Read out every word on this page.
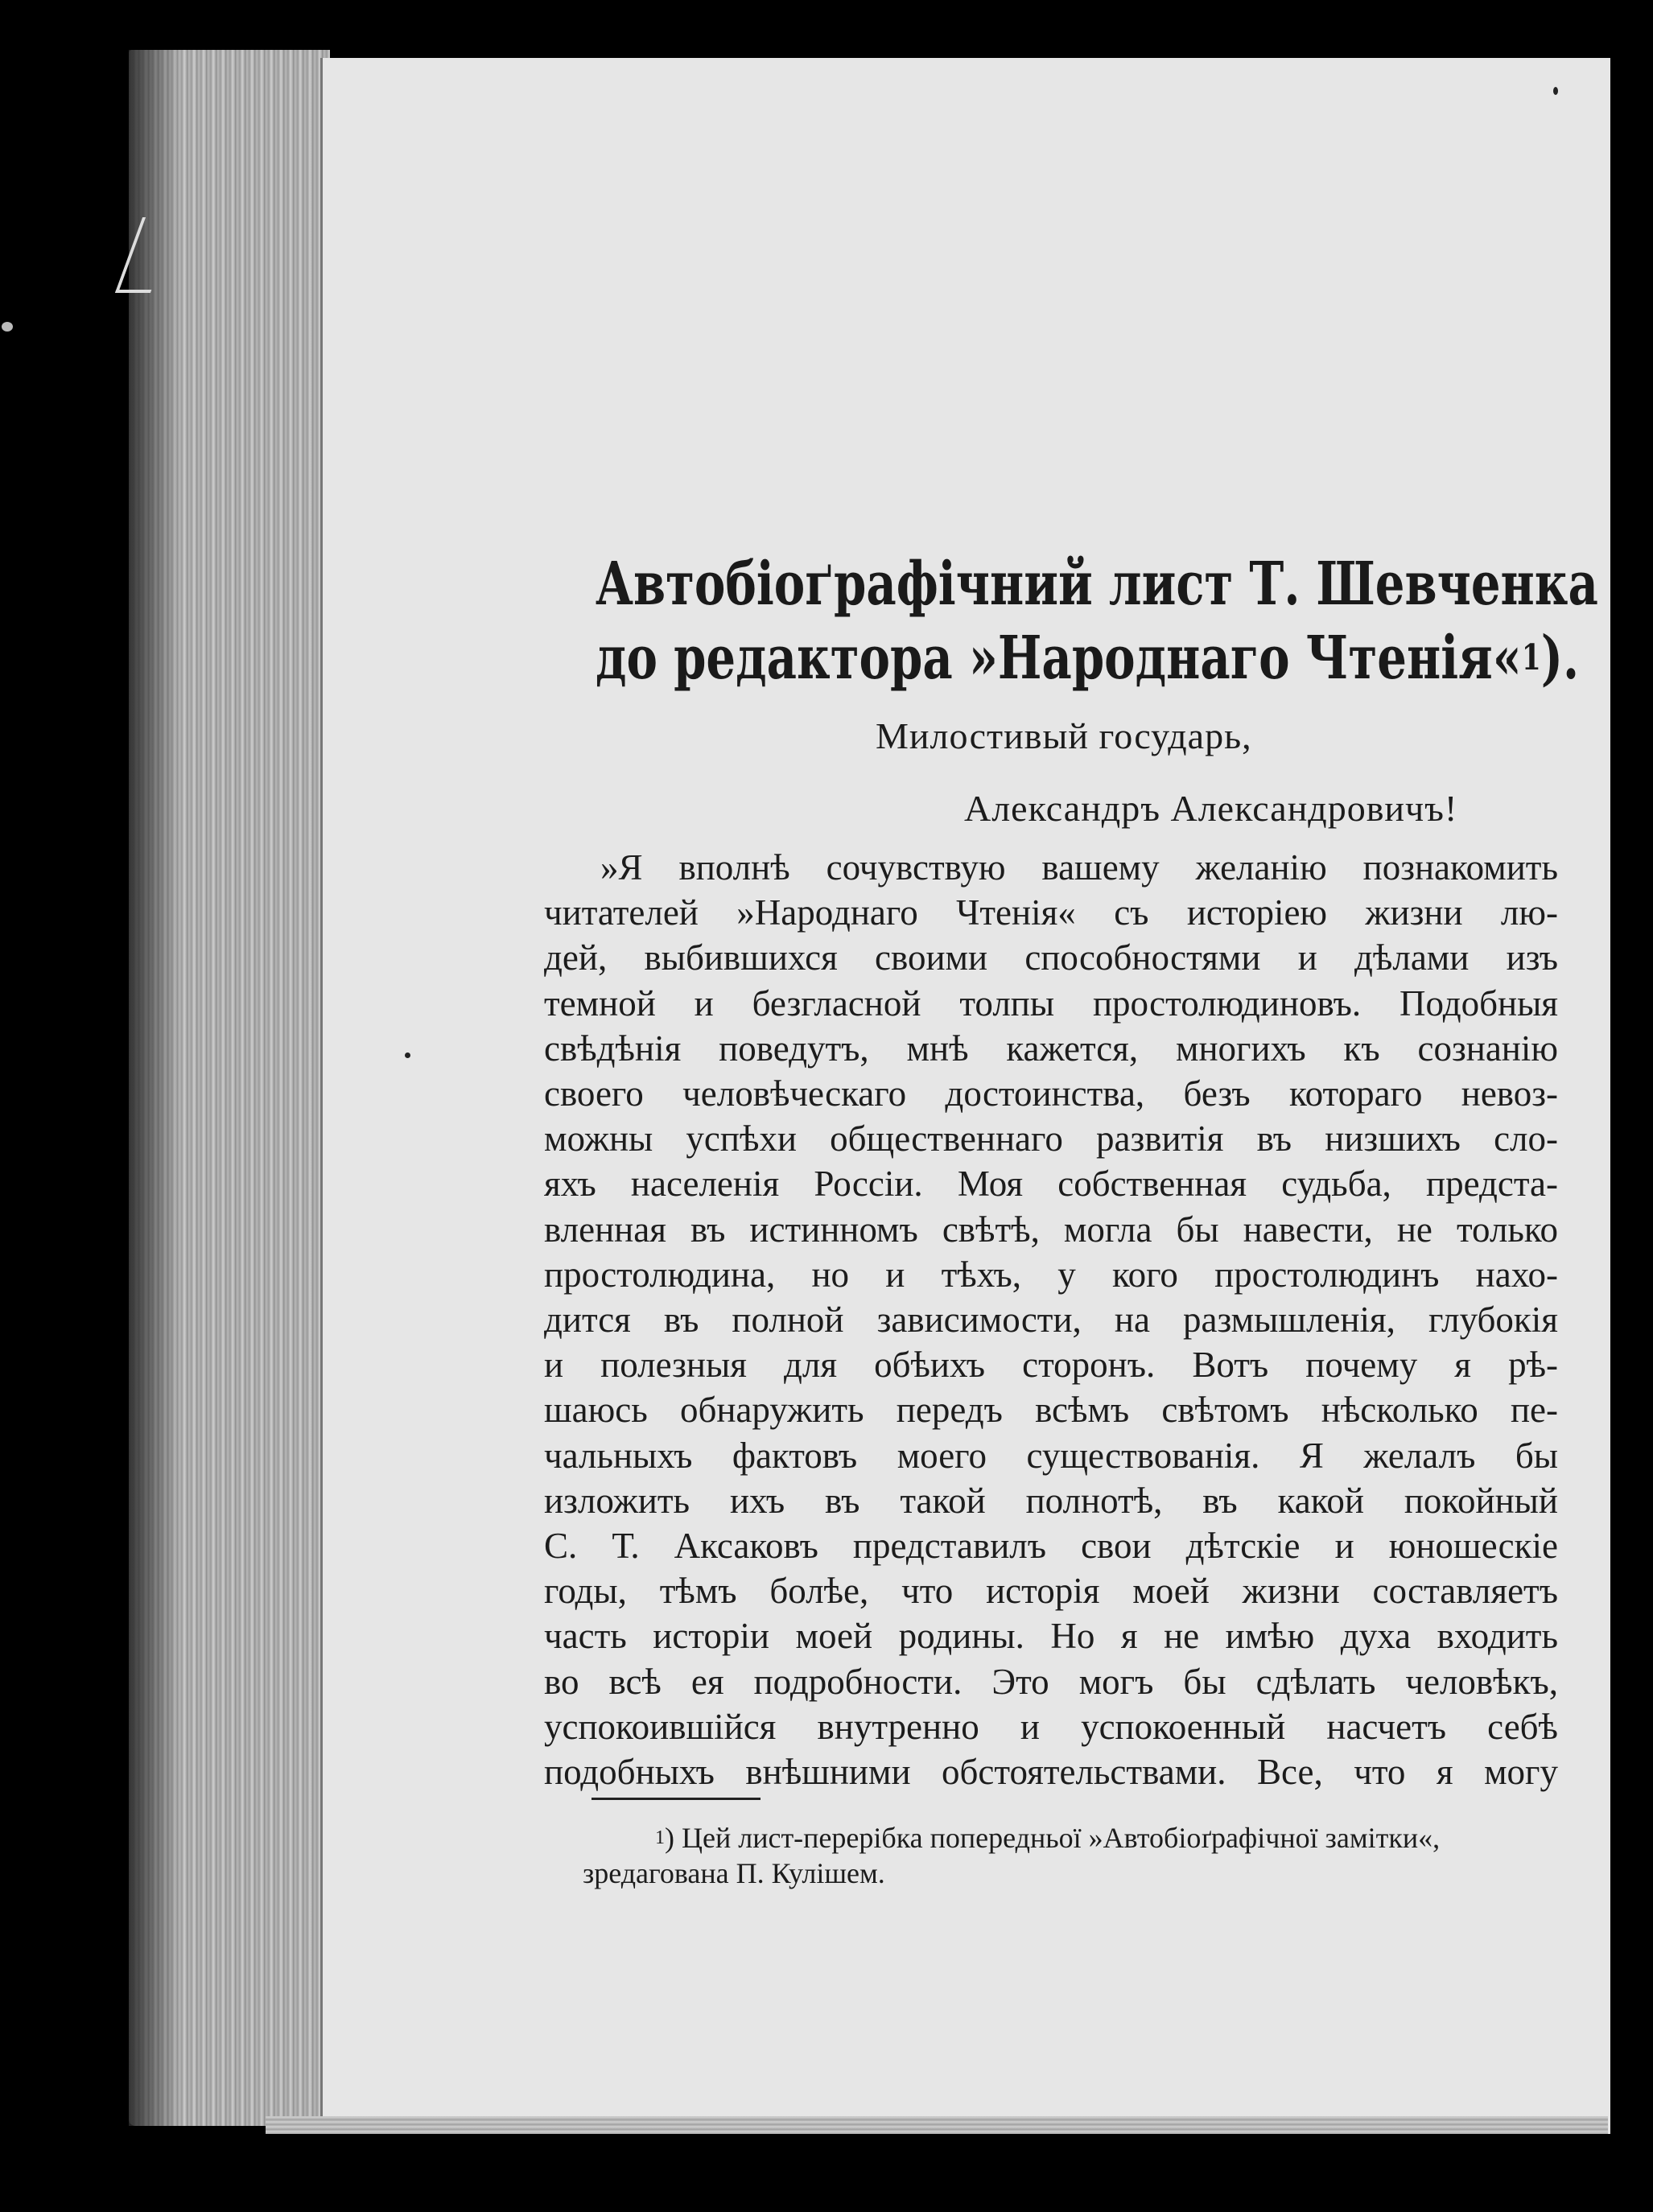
Автобіоґрафічний лист Т. Шевченка
до редактора »Народнаго Чтенія«$^1$).
Милостивый государь,
Александръ Александровичъ!
»Я вполнѣ сочувствую вашему желанію познакомить
читателей »Народнаго Чтенія« съ исторіею жизни лю-
дей, выбившихся своими способностями и дѣлами изъ
темной и безгласной толпы простолюдиновъ. Подобныя
свѣдѣнія поведутъ, мнѣ кажется, многихъ къ сознанію
своего человѣческаго достоинства, безъ котораго невоз-
можны успѣхи общественнаго развитія въ низшихъ сло-
яхъ населенія Россіи. Моя собственная судьба, предста-
вленная въ истинномъ свѣтѣ, могла бы навести, не только
простолюдина, но и тѣхъ, у кого простолюдинъ нахо-
дится въ полной зависимости, на размышленія, глубокія
и полезныя для обѣихъ сторонъ. Вотъ почему я рѣ-
шаюсь обнаружить передъ всѣмъ свѣтомъ нѣсколько пе-
чальныхъ фактовъ моего существованія. Я желалъ бы
изложить ихъ въ такой полнотѣ, въ какой покойный
С. Т. Аксаковъ представилъ свои дѣтскіе и юношескіе
годы, тѣмъ болѣе, что исторія моей жизни составляетъ
часть исторіи моей родины. Но я не имѣю духа входить
во всѣ ея подробности. Это могъ бы сдѣлать человѣкъ,
успокоившійся внутренно и успокоенный насчетъ себѣ
подобныхъ внѣшними обстоятельствами. Все, что я могу
$^1$) Цей лист-перерібка попередньої »Автобіоґрафічної замітки«,
зредагованa П. Кулішем.
